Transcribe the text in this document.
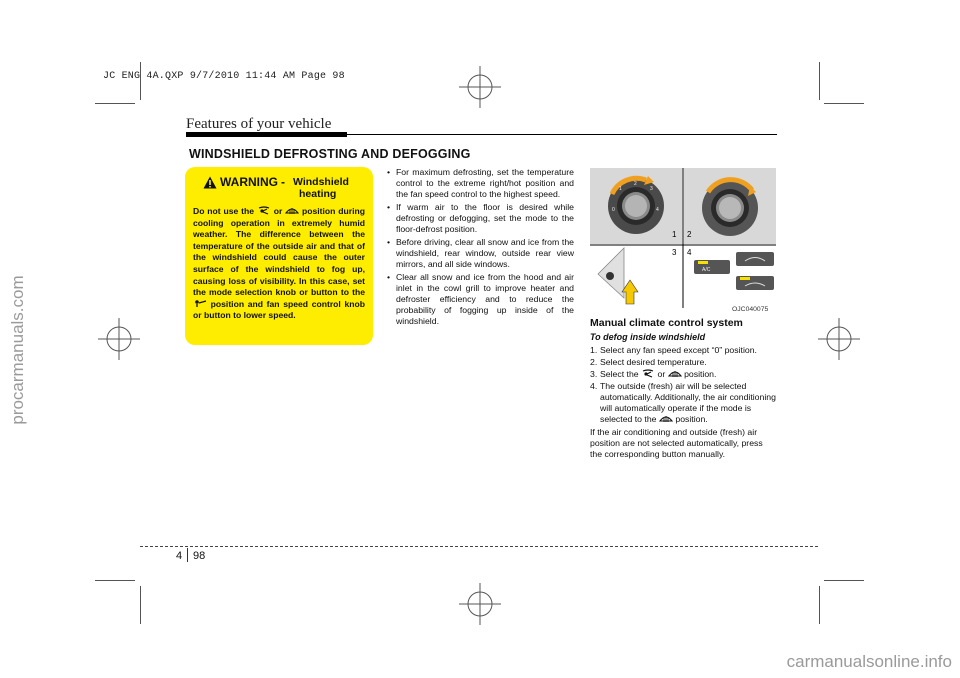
JC ENG 4A.QXP 9/7/2010 11:44 AM Page 98
procarmanuals.com
carmanualsonline.info
Features of your vehicle
WINDSHIELD DEFROSTING AND DEFOGGING
WARNING - Windshield
heating
Do not use the or position during cooling operation in extremely humid weather. The difference between the temperature of the outside air and that of the windshield could cause the outer surface of the windshield to fog up, causing loss of visibility. In this case, set the mode selection knob or button to the  position and fan speed control knob or button to lower speed.
• For maximum defrosting, set the temperature control to the extreme right/hot position and the fan speed control to the highest speed.
• If warm air to the floor is desired while defrosting or defogging, set the mode to the floor-defrost position.
• Before driving, clear all snow and ice from the windshield, rear window, outside rear view mirrors, and all side windows.
• Clear all snow and ice from the hood and air inlet in the cowl grill to improve heater and defroster efficiency and to reduce the probability of fogging up inside of the windshield.
0
1
2
3
4
1 2
3 4
A/C
OJC040075
Manual climate control system
To defog inside windshield
1. Select any fan speed except “0” position.
2. Select desired temperature.
3. Select the or position.
4. The outside (fresh) air will be selected automatically. Additionally, the air conditioning will automatically operate if the mode is selected to the position.
If the air conditioning and outside (fresh) air position are not selected automatically, press the corresponding button manually.
4 98
